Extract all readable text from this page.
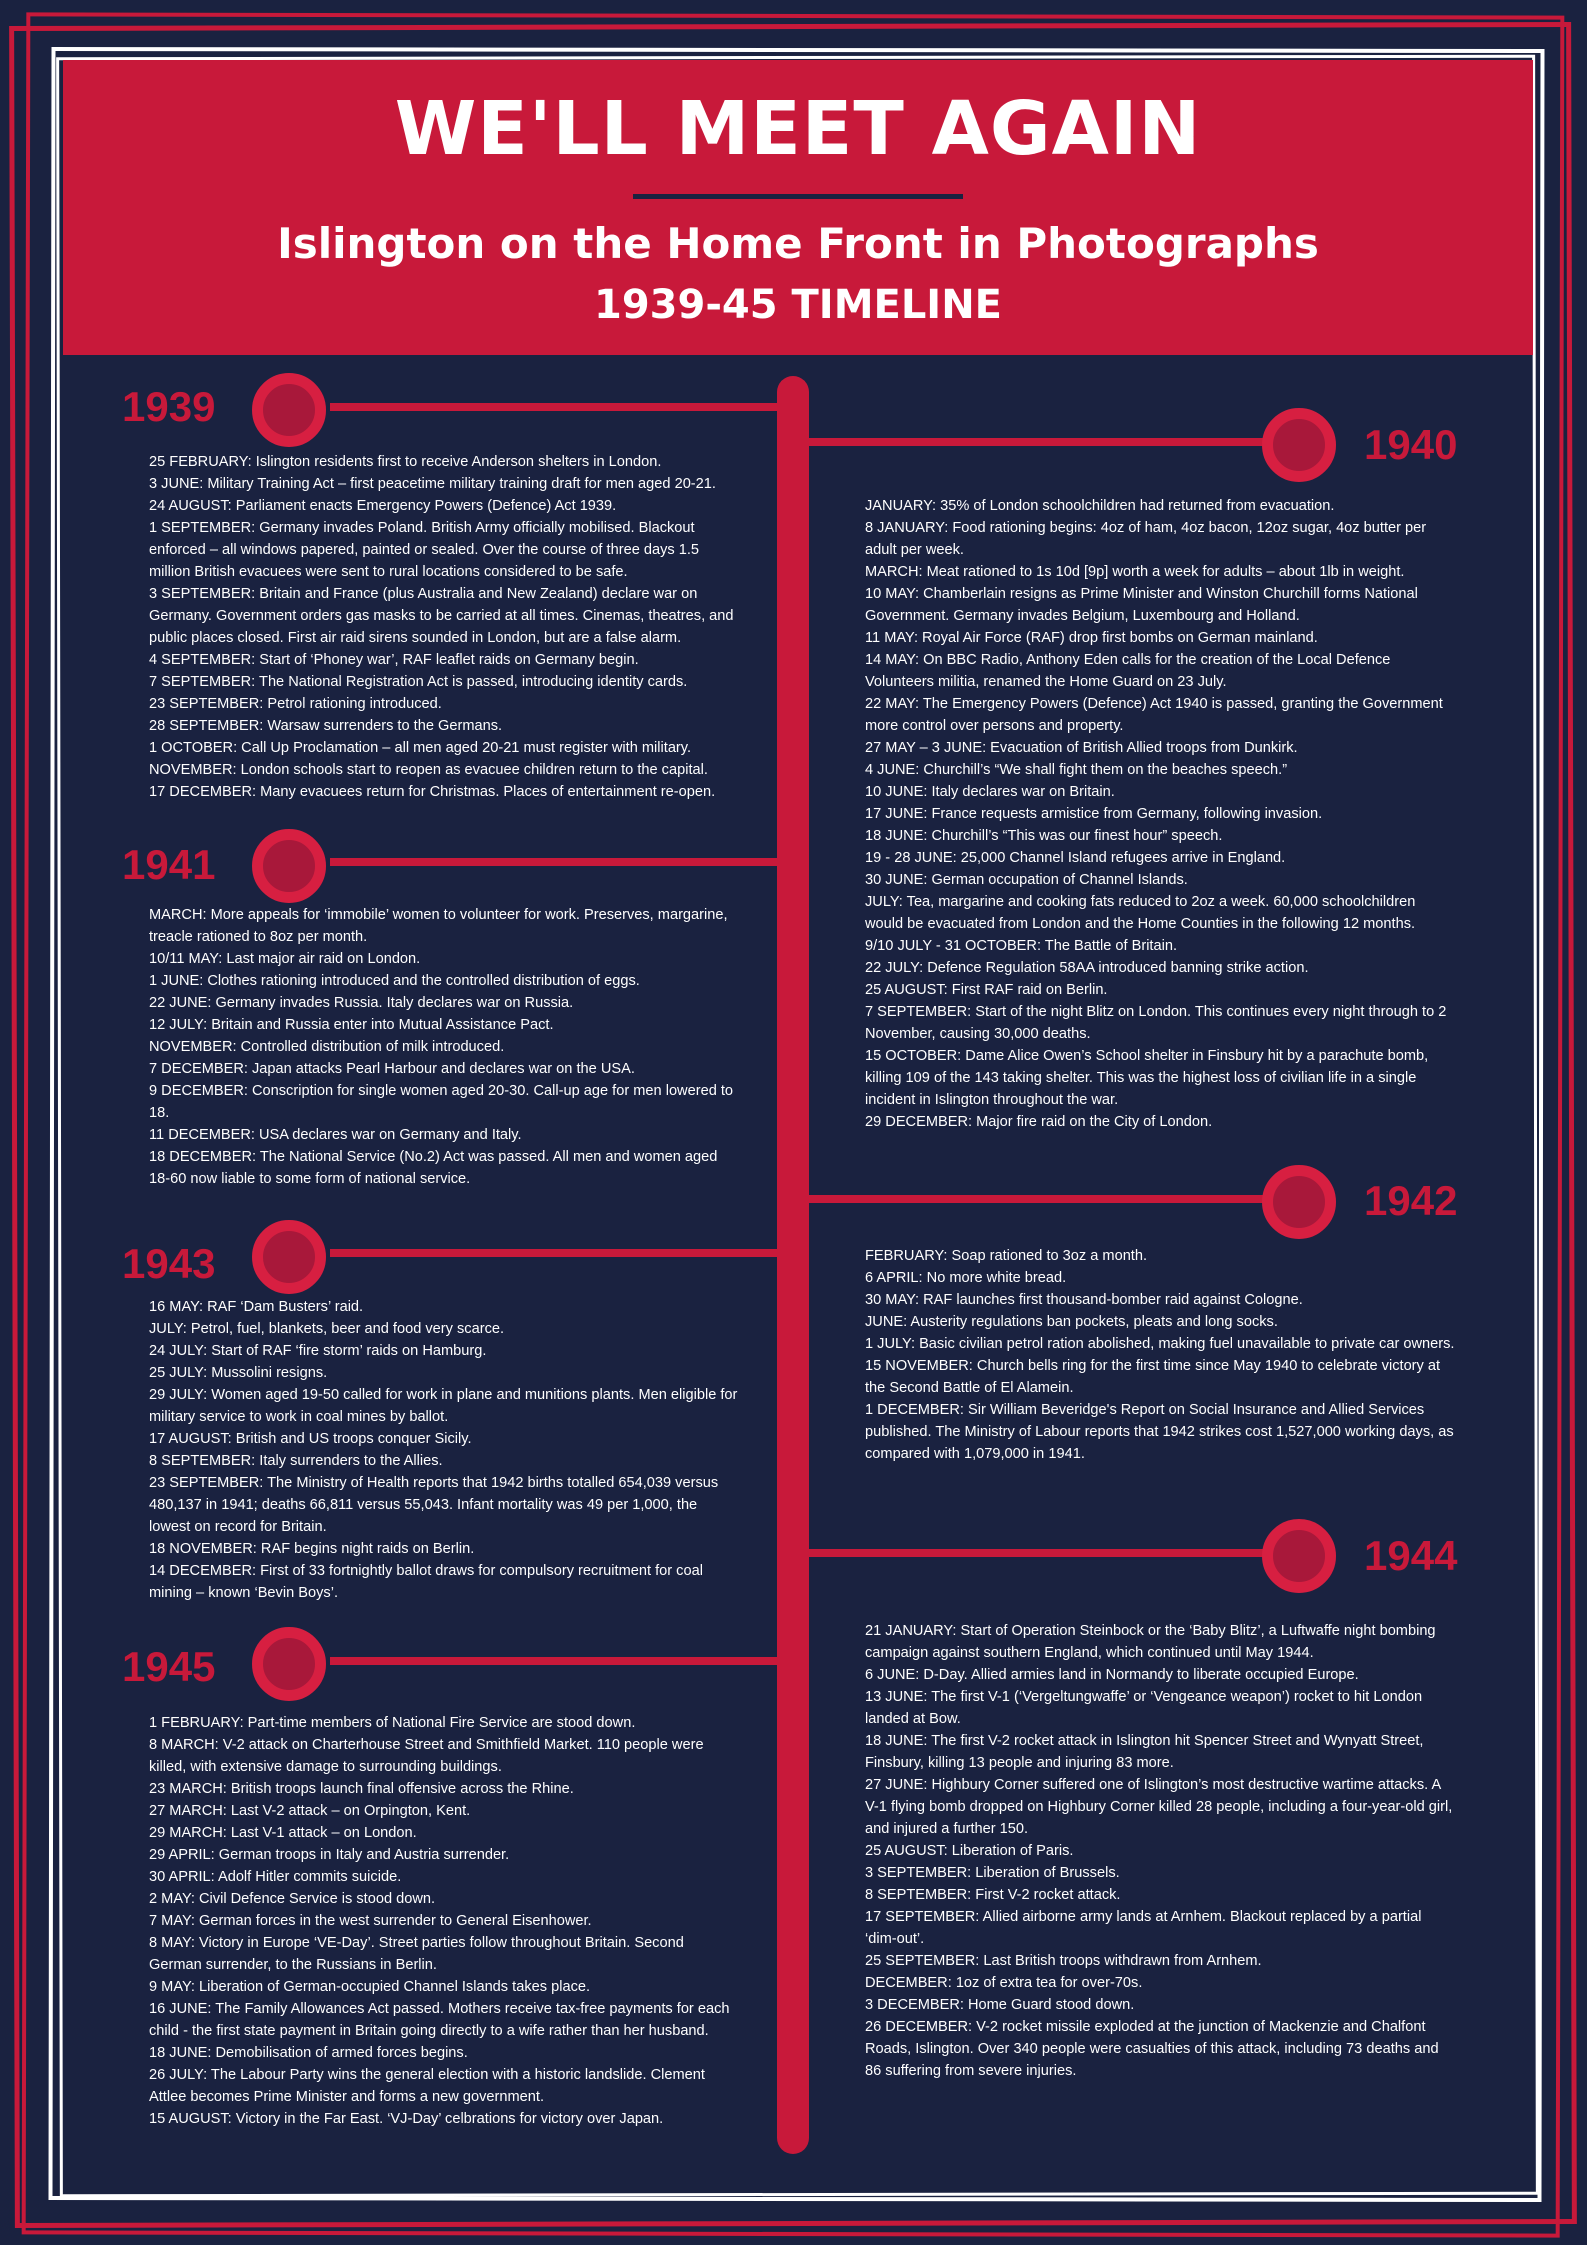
WE'LL MEET AGAIN
Islington on the Home Front in Photographs
1939-45 TIMELINE
1939

25 FEBRUARY: Islington residents first to receive Anderson shelters in London.

3 JUNE: Military Training Act – first peacetime military training draft for men aged 20-21.

24 AUGUST: Parliament enacts Emergency Powers (Defence) Act 1939.

1 SEPTEMBER: Germany invades Poland. British Army officially mobilised. Blackout enforced – all windows papered, painted or sealed. Over the course of three days 1.5 million British evacuees were sent to rural locations considered to be safe.

3 SEPTEMBER: Britain and France (plus Australia and New Zealand) declare war on Germany. Government orders gas masks to be carried at all times. Cinemas, theatres, and public places closed. First air raid sirens sounded in London, but are a false alarm.

4 SEPTEMBER: Start of ‘Phoney war’, RAF leaflet raids on Germany begin.

7 SEPTEMBER: The National Registration Act is passed, introducing identity cards.

23 SEPTEMBER: Petrol rationing introduced.

28 SEPTEMBER: Warsaw surrenders to the Germans.

1 OCTOBER: Call Up Proclamation – all men aged 20-21 must register with military.

NOVEMBER: London schools start to reopen as evacuee children return to the capital.

17 DECEMBER: Many evacuees return for Christmas. Places of entertainment re-open.

1940

JANUARY: 35% of London schoolchildren had returned from evacuation.

8 JANUARY: Food rationing begins: 4oz of ham, 4oz bacon, 12oz sugar, 4oz butter per adult per week.

MARCH: Meat rationed to 1s 10d [9p] worth a week for adults – about 1lb in weight.

10 MAY: Chamberlain resigns as Prime Minister and Winston Churchill forms National Government. Germany invades Belgium, Luxembourg and Holland.

11 MAY: Royal Air Force (RAF) drop first bombs on German mainland.

14 MAY: On BBC Radio, Anthony Eden calls for the creation of the Local Defence Volunteers militia, renamed the Home Guard on 23 July.

22 MAY: The Emergency Powers (Defence) Act 1940 is passed, granting the Government more control over persons and property.

27 MAY – 3 JUNE: Evacuation of British Allied troops from Dunkirk.

4 JUNE: Churchill’s “We shall fight them on the beaches speech.”

10 JUNE: Italy declares war on Britain.

17 JUNE: France requests armistice from Germany, following invasion.

18 JUNE: Churchill’s “This was our finest hour” speech.

19 - 28 JUNE: 25,000 Channel Island refugees arrive in England.

30 JUNE: German occupation of Channel Islands.

JULY: Tea, margarine and cooking fats reduced to 2oz a week. 60,000 schoolchildren would be evacuated from London and the Home Counties in the following 12 months.

9/10 JULY - 31 OCTOBER: The Battle of Britain.

22 JULY: Defence Regulation 58AA introduced banning strike action.

25 AUGUST: First RAF raid on Berlin.

7 SEPTEMBER: Start of the night Blitz on London. This continues every night through to 2 November, causing 30,000 deaths.

15 OCTOBER: Dame Alice Owen’s School shelter in Finsbury hit by a parachute bomb, killing 109 of the 143 taking shelter. This was the highest loss of civilian life in a single incident in Islington throughout the war.

29 DECEMBER: Major fire raid on the City of London.

1941

MARCH: More appeals for ‘immobile’ women to volunteer for work. Preserves, margarine, treacle rationed to 8oz per month.

10/11 MAY: Last major air raid on London.

1 JUNE: Clothes rationing introduced and the controlled distribution of eggs.

22 JUNE: Germany invades Russia. Italy declares war on Russia.

12 JULY: Britain and Russia enter into Mutual Assistance Pact.

NOVEMBER: Controlled distribution of milk introduced.

7 DECEMBER: Japan attacks Pearl Harbour and declares war on the USA.

9 DECEMBER: Conscription for single women aged 20-30. Call-up age for men lowered to 18.

11 DECEMBER: USA declares war on Germany and Italy.

18 DECEMBER: The National Service (No.2) Act was passed. All men and women aged 18-60 now liable to some form of national service.	1942

FEBRUARY: Soap rationed to 3oz a month.

6 APRIL: No more white bread.

30 MAY: RAF launches first thousand-bomber raid against Cologne.

JUNE: Austerity regulations ban pockets, pleats and long socks.

1 JULY: Basic civilian petrol ration abolished, making fuel unavailable to private car owners.

15 NOVEMBER: Church bells ring for the first time since May 1940 to celebrate victory at the Second Battle of El Alamein.

1 DECEMBER: Sir William Beveridge's Report on Social Insurance and Allied Services published. The Ministry of Labour reports that 1942 strikes cost 1,527,000 working days, as compared with 1,079,000 in 1941.

1943

16 MAY: RAF ‘Dam Busters’ raid.

JULY: Petrol, fuel, blankets, beer and food very scarce.

24 JULY: Start of RAF ‘fire storm’ raids on Hamburg.

25 JULY: Mussolini resigns.

29 JULY: Women aged 19-50 called for work in plane and munitions plants. Men eligible for military service to work in coal mines by ballot.

17 AUGUST: British and US troops conquer Sicily.

8 SEPTEMBER: Italy surrenders to the Allies.

23 SEPTEMBER: The Ministry of Health reports that 1942 births totalled 654,039 versus 480,137 in 1941; deaths 66,811 versus 55,043. Infant mortality was 49 per 1,000, the lowest on record for Britain.

18 NOVEMBER: RAF begins night raids on Berlin.

14 DECEMBER: First of 33 fortnightly ballot draws for compulsory recruitment for coal mining – known ‘Bevin Boys’.

1944

21 JANUARY: Start of Operation Steinbock or the ‘Baby Blitz’, a Luftwaffe night bombing campaign against southern England, which continued until May 1944.

6 JUNE: D-Day. Allied armies land in Normandy to liberate occupied Europe.

13 JUNE: The first V-1 (‘Vergeltungwaffe’ or ‘Vengeance weapon’) rocket to hit London landed at Bow.

18 JUNE: The first V-2 rocket attack in Islington hit Spencer Street and Wynyatt Street, Finsbury, killing 13 people and injuring 83 more.

27 JUNE: Highbury Corner suffered one of Islington’s most destructive wartime attacks. A V-1 flying bomb dropped on Highbury Corner killed 28 people, including a four-year-old girl, and injured a further 150.

25 AUGUST: Liberation of Paris.

3 SEPTEMBER: Liberation of Brussels.

8 SEPTEMBER: First V-2 rocket attack.

17 SEPTEMBER: Allied airborne army lands at Arnhem. Blackout replaced by a partial ‘dim-out’.

25 SEPTEMBER: Last British troops withdrawn from Arnhem.

DECEMBER: 1oz of extra tea for over-70s.

3 DECEMBER: Home Guard stood down.

26 DECEMBER: V-2 rocket missile exploded at the junction of Mackenzie and Chalfont Roads, Islington. Over 340 people were casualties of this attack, including 73 deaths and 86 suffering from severe injuries.

1945

1 FEBRUARY: Part-time members of National Fire Service are stood down.

8 MARCH: V-2 attack on Charterhouse Street and Smithfield Market. 110 people were killed, with extensive damage to surrounding buildings.

23 MARCH: British troops launch final offensive across the Rhine.

27 MARCH: Last V-2 attack – on Orpington, Kent.

29 MARCH: Last V-1 attack – on London.

29 APRIL: German troops in Italy and Austria surrender.

30 APRIL: Adolf Hitler commits suicide.

2 MAY: Civil Defence Service is stood down.

7 MAY: German forces in the west surrender to General Eisenhower.

8 MAY: Victory in Europe ‘VE-Day’. Street parties follow throughout Britain. Second German surrender, to the Russians in Berlin.

9 MAY: Liberation of German-occupied Channel Islands takes place.

16 JUNE: The Family Allowances Act passed. Mothers receive tax-free payments for each child - the first state payment in Britain going directly to a wife rather than her husband.

18 JUNE: Demobilisation of armed forces begins.

26 JULY: The Labour Party wins the general election with a historic landslide. Clement Attlee becomes Prime Minister and forms a new government.

15 AUGUST: Victory in the Far East. ‘VJ-Day’ celbrations for victory over Japan.
